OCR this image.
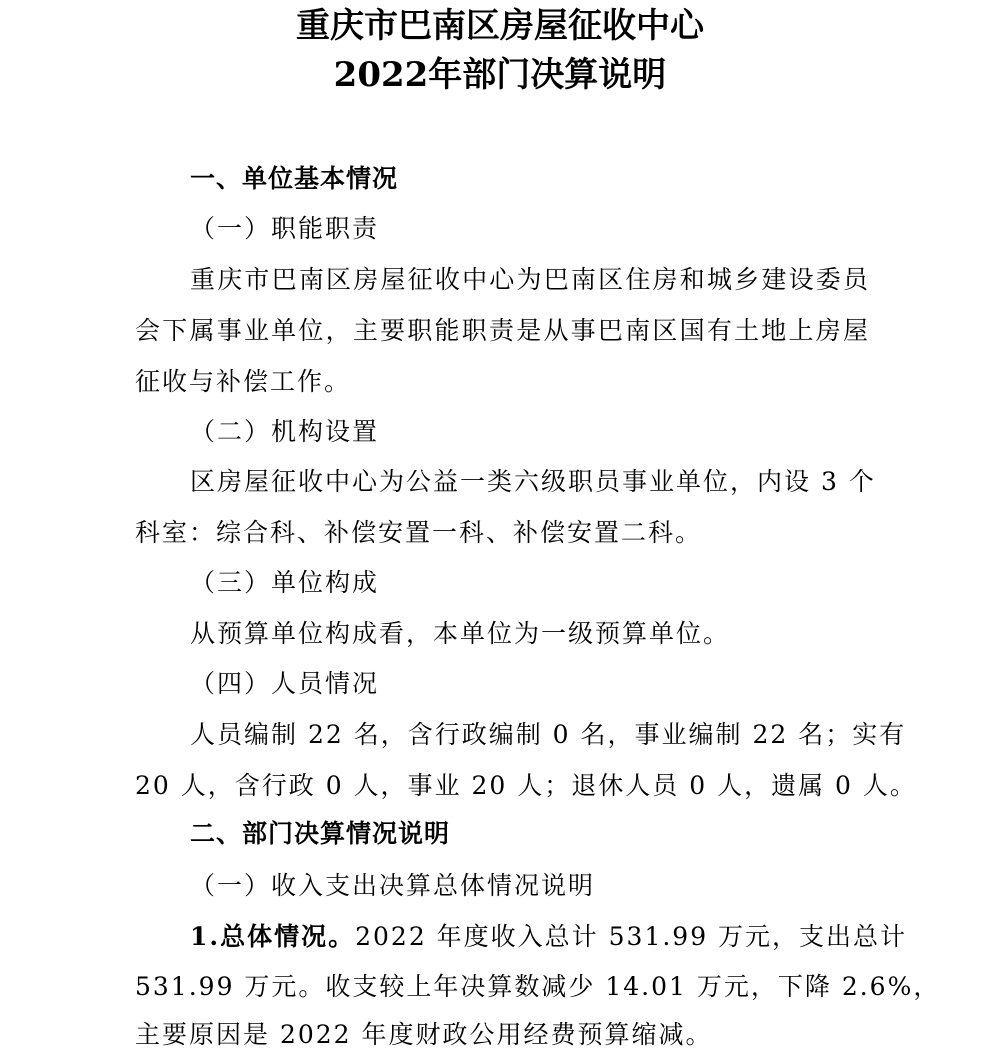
重庆市巴南区房屋征收中心
2022年部门决算说明
一、单位基本情况
（一）职能职责
重庆市巴南区房屋征收中心为巴南区住房和城乡建设委员
会下属事业单位，主要职能职责是从事巴南区国有土地上房屋
征收与补偿工作。
（二）机构设置
区房屋征收中心为公益一类六级职员事业单位，内设 3 个
科室：综合科、补偿安置一科、补偿安置二科。
（三）单位构成
从预算单位构成看，本单位为一级预算单位。
（四）人员情况
人员编制 22 名，含行政编制 0 名，事业编制 22 名；实有
20 人，含行政 0 人，事业 20 人；退休人员 0 人，遗属 0 人。
二、部门决算情况说明
（一）收入支出决算总体情况说明
1.总体情况。 2022 年度收入总计 531.99 万元，支出总计
531.99 万元。收支较上年决算数减少 14.01 万元，下降 2.6%，
主要原因是 2022 年度财政公用经费预算缩减。
